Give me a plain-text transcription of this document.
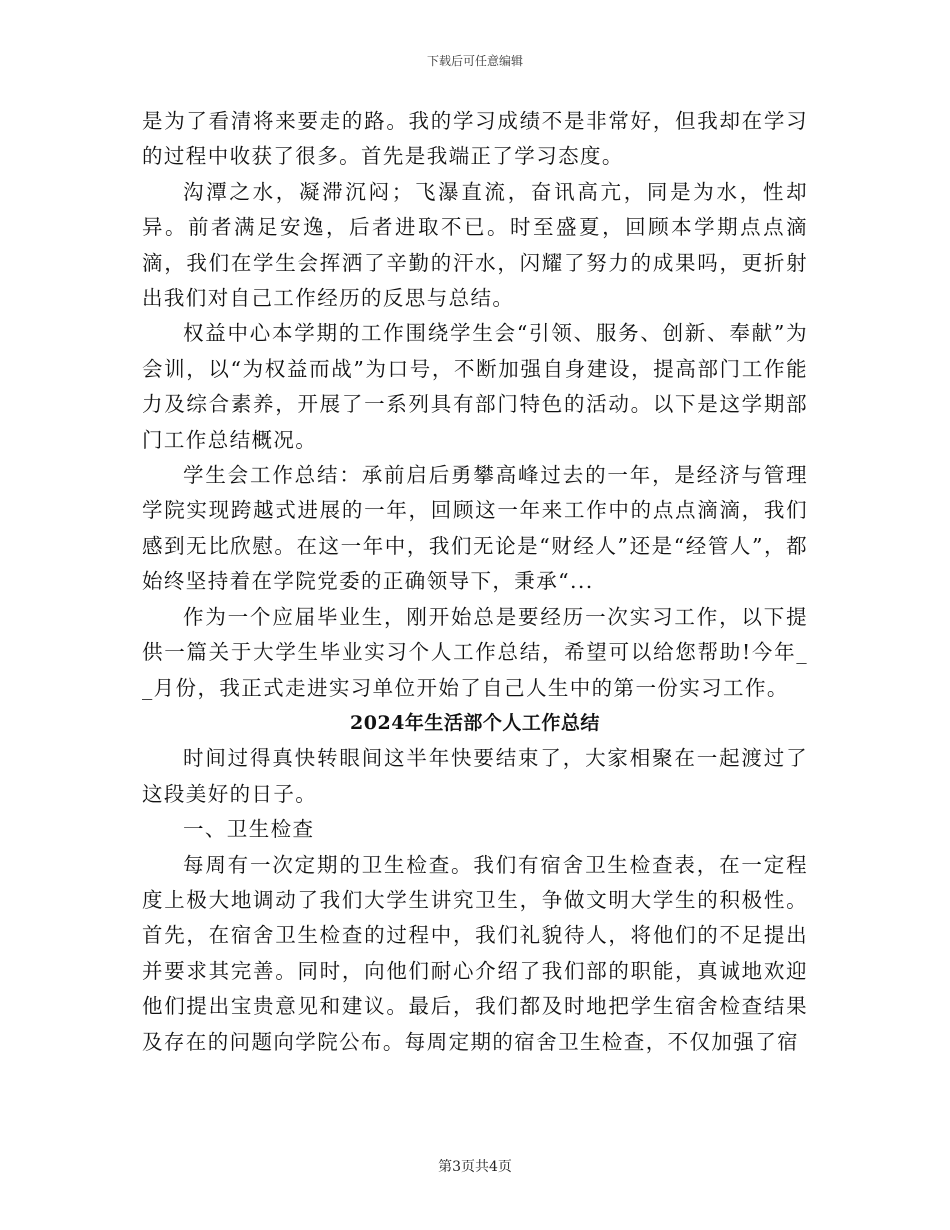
下载后可任意编辑

是为了看清将来要走的路。我的学习成绩不是非常好，但我却在学习的过程中收获了很多。首先是我端正了学习态度。

沟潭之水，凝滞沉闷；飞瀑直流，奋讯高亢，同是为水，性却异。前者满足安逸，后者进取不已。时至盛夏，回顾本学期点点滴滴，我们在学生会挥洒了辛勤的汗水，闪耀了努力的成果吗，更折射出我们对自己工作经历的反思与总结。

权益中心本学期的工作围绕学生会“引领、服务、创新、奉献”为会训，以“为权益而战”为口号，不断加强自身建设，提高部门工作能力及综合素养，开展了一系列具有部门特色的活动。以下是这学期部门工作总结概况。

学生会工作总结：承前启后勇攀高峰过去的一年，是经济与管理学院实现跨越式进展的一年，回顾这一年来工作中的点点滴滴，我们感到无比欣慰。在这一年中，我们无论是“财经人”还是“经管人”，都始终坚持着在学院党委的正确领导下，秉承“...

作为一个应届毕业生，刚开始总是要经历一次实习工作，以下提供一篇关于大学生毕业实习个人工作总结，希望可以给您帮助!今年__月份，我正式走进实习单位开始了自己人生中的第一份实习工作。

2024年生活部个人工作总结

时间过得真快转眼间这半年快要结束了，大家相聚在一起渡过了这段美好的日子。

一、卫生检查

每周有一次定期的卫生检查。我们有宿舍卫生检查表，在一定程度上极大地调动了我们大学生讲究卫生，争做文明大学生的积极性。首先，在宿舍卫生检查的过程中，我们礼貌待人，将他们的不足提出并要求其完善。同时，向他们耐心介绍了我们部的职能，真诚地欢迎他们提出宝贵意见和建议。最后，我们都及时地把学生宿舍检查结果及存在的问题向学院公布。每周定期的宿舍卫生检查，不仅加强了宿

第3页共4页
